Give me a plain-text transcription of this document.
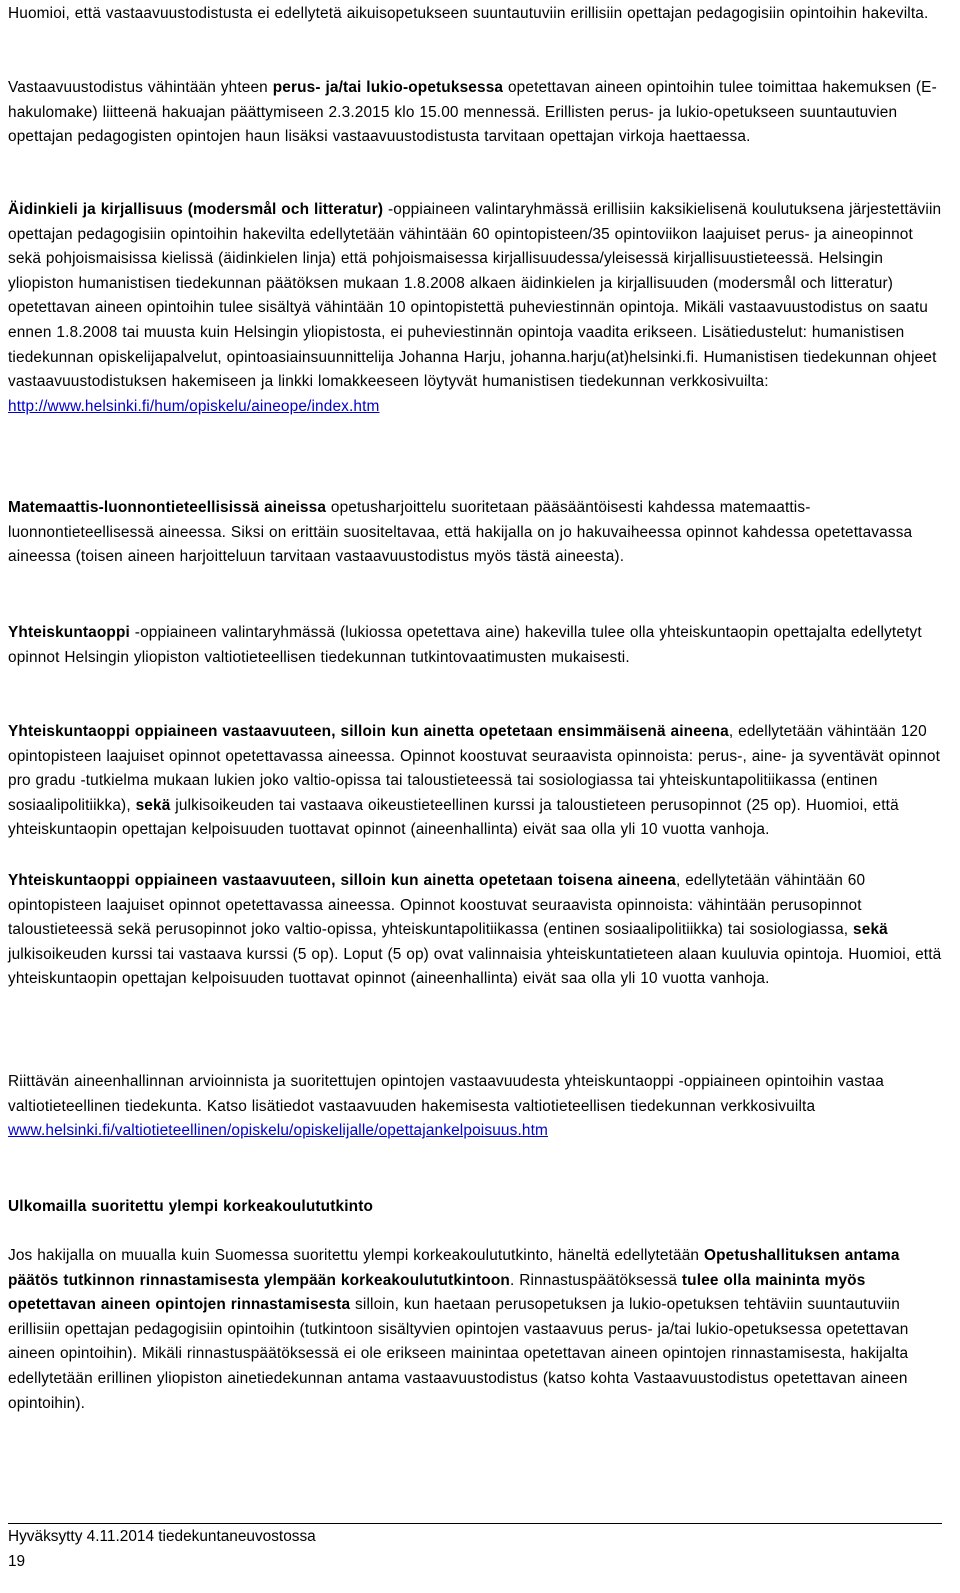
Huomioi, että vastaavuustodistusta ei edellytetä aikuisopetukseen suuntautuviin erillisiin opettajan pedagogisiin opintoihin hakevilta.

Vastaavuustodistus vähintään yhteen perus- ja/tai lukio-opetuksessa opetettavan aineen opintoihin tulee toimittaa hakemuksen (E-hakulomake) liitteenä hakuajan päättymiseen 2.3.2015 klo 15.00 mennessä. Erillisten perus- ja lukio-opetukseen suuntautuvien opettajan pedagogisten opintojen haun lisäksi vastaavuustodistusta tarvitaan opettajan virkoja haettaessa.

Äidinkieli ja kirjallisuus (modersmål och litteratur) -oppiaineen valintaryhmässä erillisiin kaksikielisenä koulutuksena järjestettäviin opettajan pedagogisiin opintoihin hakevilta edellytetään vähintään 60 opintopisteen/35 opintoviikon laajuiset perus- ja aineopinnot sekä pohjoismaisissa kielissä (äidinkielen linja) että pohjoismaisessa kirjallisuudessa/yleisessä kirjallisuustieteessä. Helsingin yliopiston humanistisen tiedekunnan päätöksen mukaan 1.8.2008 alkaen äidinkielen ja kirjallisuuden (modersmål och litteratur) opetettavan aineen opintoihin tulee sisältyä vähintään 10 opintopistettä puheviestinnän opintoja. Mikäli vastaavuustodistus on saatu ennen 1.8.2008 tai muusta kuin Helsingin yliopistosta, ei puheviestinnän opintoja vaadita erikseen. Lisätiedustelut: humanistisen tiedekunnan opiskelijapalvelut, opintoasiainsuunnittelija Johanna Harju, johanna.harju(at)helsinki.fi. Humanistisen tiedekunnan ohjeet vastaavuustodistuksen hakemiseen ja linkki lomakkeeseen löytyvät humanistisen tiedekunnan verkkosivuilta: http://www.helsinki.fi/hum/opiskelu/aineope/index.htm

Matemaattis-luonnontieteellisissä aineissa opetusharjoittelu suoritetaan pääsääntöisesti kahdessa matemaattis-luonnontieteellisessä aineessa. Siksi on erittäin suositeltavaa, että hakijalla on jo hakuvaiheessa opinnot kahdessa opetettavassa aineessa (toisen aineen harjoitteluun tarvitaan vastaavuustodistus myös tästä aineesta).

Yhteiskuntaoppi -oppiaineen valintaryhmässä (lukiossa opetettava aine) hakevilla tulee olla yhteiskuntaopin opettajalta edellytetyt opinnot Helsingin yliopiston valtiotieteellisen tiedekunnan tutkintovaatimusten mukaisesti.

Yhteiskuntaoppi oppiaineen vastaavuuteen, silloin kun ainetta opetetaan ensimmäisenä aineena, edellytetään vähintään 120 opintopisteen laajuiset opinnot opetettavassa aineessa. Opinnot koostuvat seuraavista opinnoista: perus-, aine- ja syventävät opinnot pro gradu -tutkielma mukaan lukien joko valtio-opissa tai taloustieteessä tai sosiologiassa tai yhteiskuntapolitiikassa (entinen sosiaalipolitiikka), sekä julkisoikeuden tai vastaava oikeustieteellinen kurssi ja taloustieteen perusopinnot (25 op). Huomioi, että yhteiskuntaopin opettajan kelpoisuuden tuottavat opinnot (aineenhallinta) eivät saa olla yli 10 vuotta vanhoja.

Yhteiskuntaoppi oppiaineen vastaavuuteen, silloin kun ainetta opetetaan toisena aineena, edellytetään vähintään 60 opintopisteen laajuiset opinnot opetettavassa aineessa. Opinnot koostuvat seuraavista opinnoista: vähintään perusopinnot taloustieteessä sekä perusopinnot joko valtio-opissa, yhteiskuntapolitiikassa (entinen sosiaalipolitiikka) tai sosiologiassa, sekä julkisoikeuden kurssi tai vastaava kurssi (5 op). Loput (5 op) ovat valinnaisia yhteiskuntatieteen alaan kuuluvia opintoja. Huomioi, että yhteiskuntaopin opettajan kelpoisuuden tuottavat opinnot (aineenhallinta) eivät saa olla yli 10 vuotta vanhoja.

Riittävän aineenhallinnan arvioinnista ja suoritettujen opintojen vastaavuudesta yhteiskuntaoppi -oppiaineen opintoihin vastaa valtiotieteellinen tiedekunta. Katso lisätiedot vastaavuuden hakemisesta valtiotieteellisen tiedekunnan verkkosivuilta www.helsinki.fi/valtiotieteellinen/opiskelu/opiskelijalle/opettajankelpoisuus.htm

Ulkomailla suoritettu ylempi korkeakoulututkinto

Jos hakijalla on muualla kuin Suomessa suoritettu ylempi korkeakoulututkinto, häneltä edellytetään Opetushallituksen antama päätös tutkinnon rinnastamisesta ylempään korkeakoulututkintoon. Rinnastuspäätöksessä tulee olla maininta myös opetettavan aineen opintojen rinnastamisesta silloin, kun haetaan perusopetuksen ja lukio-opetuksen tehtäviin suuntautuviin erillisiin opettajan pedagogisiin opintoihin (tutkintoon sisältyvien opintojen vastaavuus perus- ja/tai lukio-opetuksessa opetettavan aineen opintoihin). Mikäli rinnastuspäätöksessä ei ole erikseen mainintaa opetettavan aineen opintojen rinnastamisesta, hakijalta edellytetään erillinen yliopiston ainetiedekunnan antama vastaavuustodistus (katso kohta Vastaavuustodistus opetettavan aineen opintoihin).

Hyväksytty 4.11.2014 tiedekuntaneuvostossa
19
